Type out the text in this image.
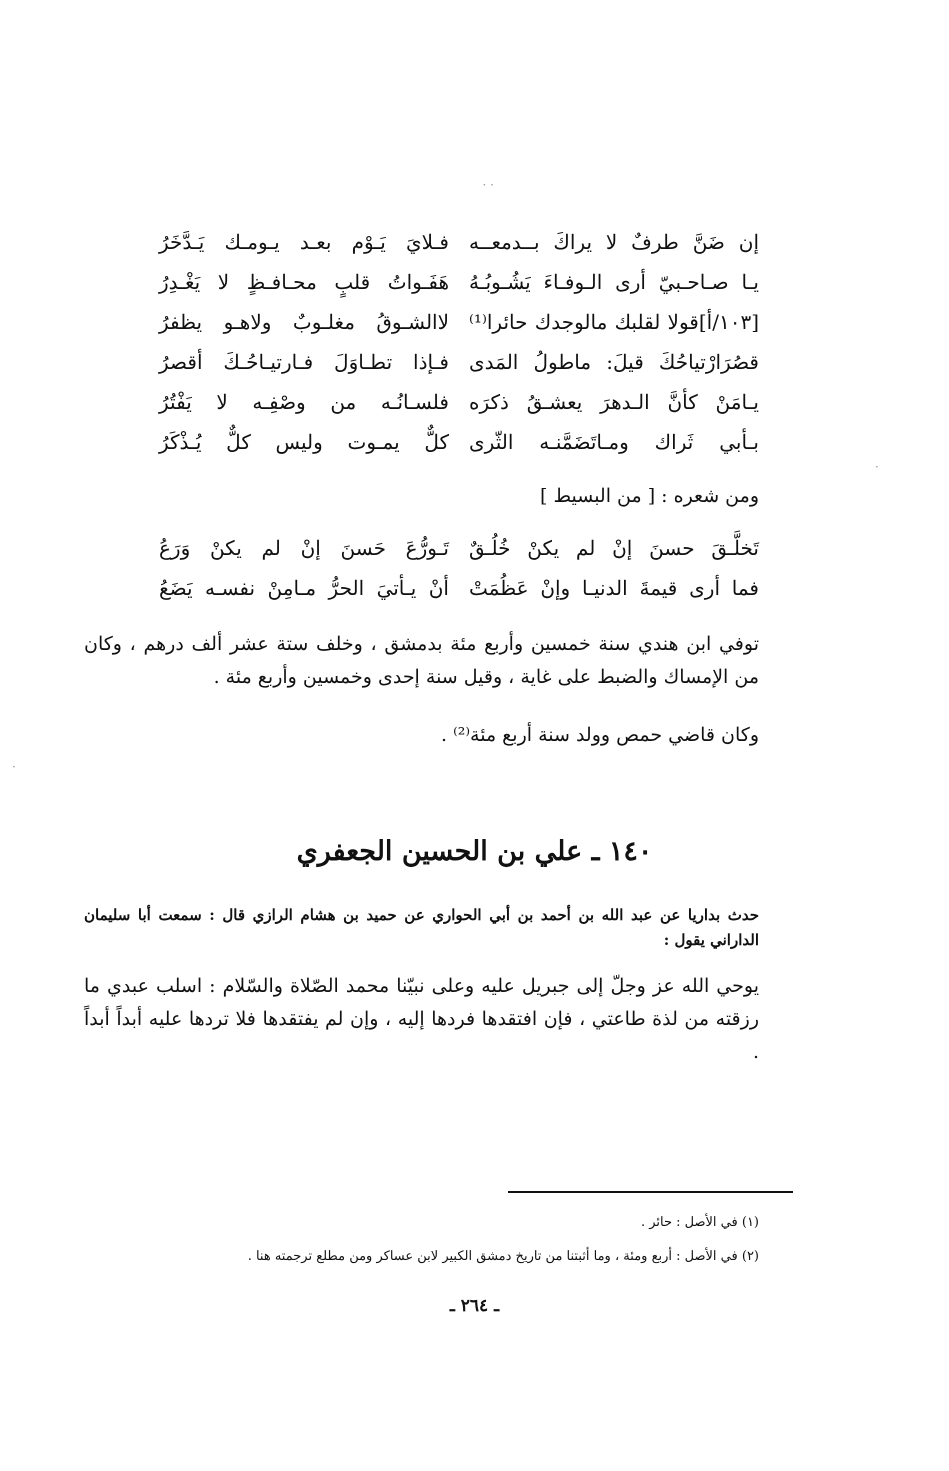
· ·
إن ضَنَّ طرفٌ لا يراكَ بــدمعــه
فـلايَ يَـوْم بعـد يـومـك يَـدَّخَرُ
يـا صـاحـبيّ أرى الـوفـاءَ يَشُـوبُـهُ
هَفَـواتُ قلبٍ محـافـظٍ لا يَغْـدِرُ
[١٠٣/أ]قولا لقلبك مالوجدك حائرا⁽¹⁾
لاالشـوقُ مغلـوبٌ ولاهـو يظفرُ
قصُرَارْتياحُكَ قيلَ: ماطولُ المَدى
فـإذا تطـاوَلَ فـارتيـاحُـكَ أقصرُ
يـامَنْ كأنَّ الـدهرَ يعشـقُ ذكرَه
فلسـانُـه من وصْفِـه لا يَفْتُرُ
بـأبي ثَراك ومـاتَضَمَّنـه الثّرى
كلٌّ يمـوت وليس كلٌّ يُـذْكَرُ
ومن شعره : [ من البسيط ]
تَخلَّـقَ حسنَ إنْ لم يكنْ خُلُـقٌ
تَـورُّعَ حَسنَ إنْ لم يكنْ وَرَعُ
فما أرى قيمةَ الدنيـا وإنْ عَظُمَتْ
أنْ يـأتيَ الحرُّ مـامِنْ نفسـه يَضَعُ
توفي ابن هندي سنة خمسين وأربع مئة بدمشق ، وخلف ستة عشر ألف درهم ، وكان من الإمساك والضبط على غاية ، وقيل سنة إحدى وخمسين وأربع مئة .
وكان قاضي حمص وولد سنة أربع مئة⁽²⁾ .
١٤٠ ـ علي بن الحسين الجعفري
حدث بداريا عن عبد الله بن أحمد بن أبي الحواري عن حميد بن هشام الرازي قال : سمعت أبا سليمان الداراني يقول :
يوحي الله عز وجلّ إلى جبريل عليه وعلى نبيّنا محمد الصّلاة والسّلام : اسلب عبدي ما رزقته من لذة طاعتي ، فإن افتقدها فردها إليه ، وإن لم يفتقدها فلا تردها عليه أبداً أبداً .
·
·
(١) في الأصل : حائر .
(٢) في الأصل : أربع ومئة ، وما أثبتنا من تاريخ دمشق الكبير لابن عساكر ومن مطلع ترجمته هنا .
ـ ٢٦٤ ـ
